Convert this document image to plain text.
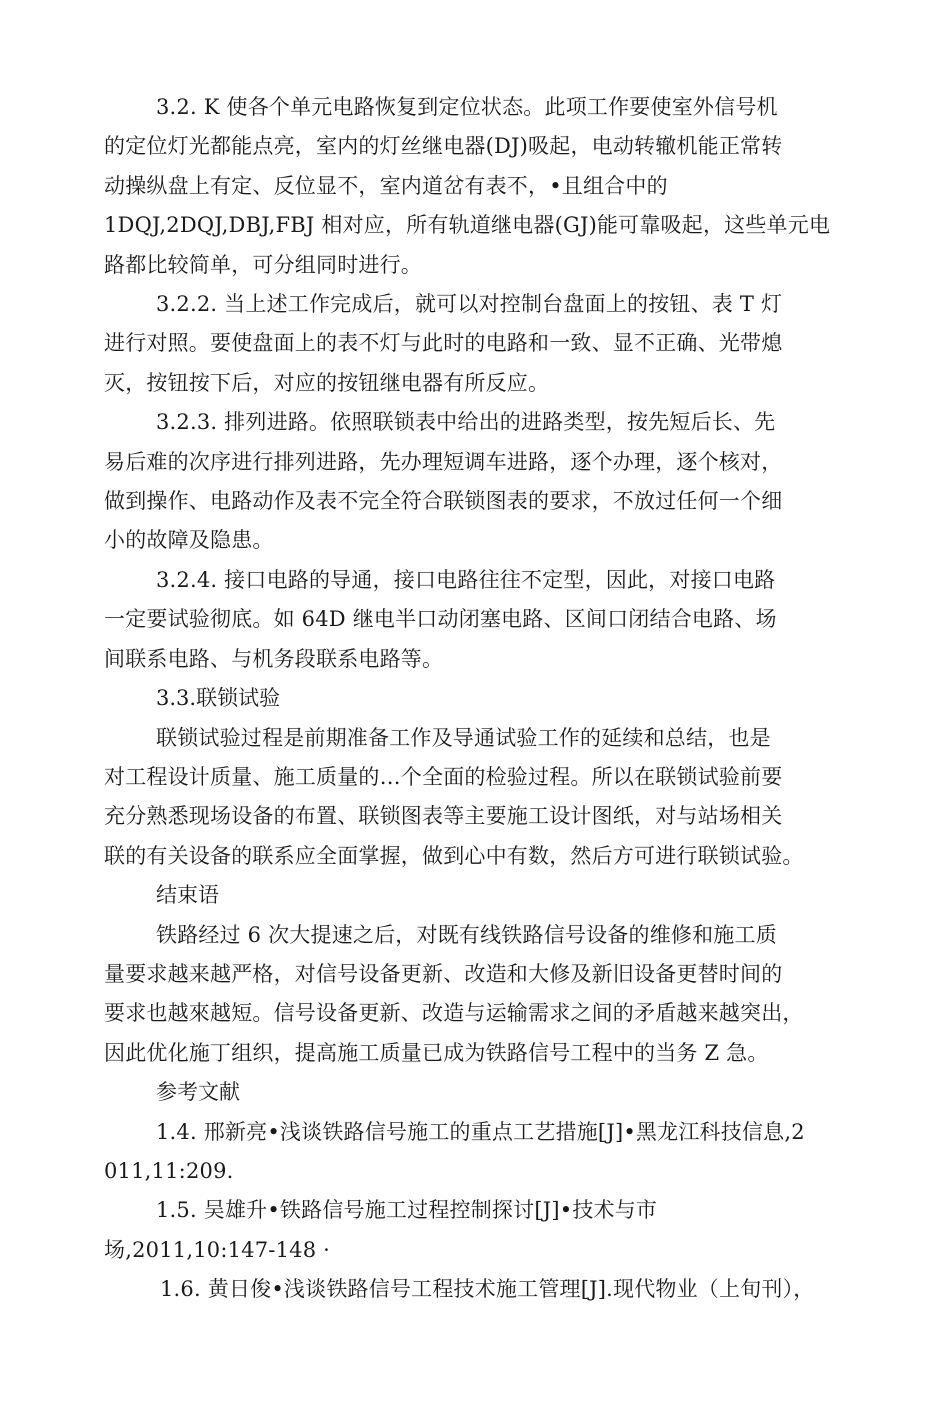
3.2. K 使各个单元电路恢复到定位状态。此项工作要使室外信号机
的定位灯光都能点亮，室内的灯丝继电器(DJ)吸起，电动转辙机能正常转
动操纵盘上有定、反位显不，室内道岔有表不，•且组合中的
1DQJ,2DQJ,DBJ,FBJ 相对应，所有轨道继电器(GJ)能可靠吸起，这些单元电
路都比较简单，可分组同时进行。

3.2.2. 当上述工作完成后，就可以对控制台盘面上的按钮、表 T 灯
进行对照。要使盘面上的表不灯与此时的电路和一致、显不正确、光带熄
灭，按钮按下后，对应的按钮继电器有所反应。

3.2.3. 排列进路。依照联锁表中给出的进路类型，按先短后长、先
易后难的次序进行排列进路，先办理短调车进路，逐个办理，逐个核对，
做到操作、电路动作及表不完全符合联锁图表的要求，不放过任何一个细
小的故障及隐患。

3.2.4. 接口电路的导通，接口电路往往不定型，因此，对接口电路
一定要试验彻底。如 64D 继电半口动闭塞电路、区间口闭结合电路、场
间联系电路、与机务段联系电路等。

3.3.联锁试验

联锁试验过程是前期准备工作及导通试验工作的延续和总结，也是
对工程设计质量、施工质量的…个全面的检验过程。所以在联锁试验前要
充分熟悉现场设备的布置、联锁图表等主要施工设计图纸，对与站场相关
联的有关设备的联系应全面掌握，做到心中有数，然后方可进行联锁试验。

结束语

铁路经过 6 次大提速之后，对既有线铁路信号设备的维修和施工质
量要求越来越严格，对信号设备更新、改造和大修及新旧设备更替时间的
要求也越來越短。信号设备更新、改造与运输需求之间的矛盾越来越突出，
因此优化施丁组织，提高施工质量已成为铁路信号工程中的当务 Z 急。

参考文献

1.4. 邢新亮•浅谈铁路信号施工的重点工艺措施[J]•黑龙江科技信息,2
011,11:209.

1.5. 吴雄升•铁路信号施工过程控制探讨[J]•技术与市
场,2011,10:147-148 ·

1.6. 黄日俊•浅谈铁路信号工程技术施工管理[J].现代物业（上旬刊），
